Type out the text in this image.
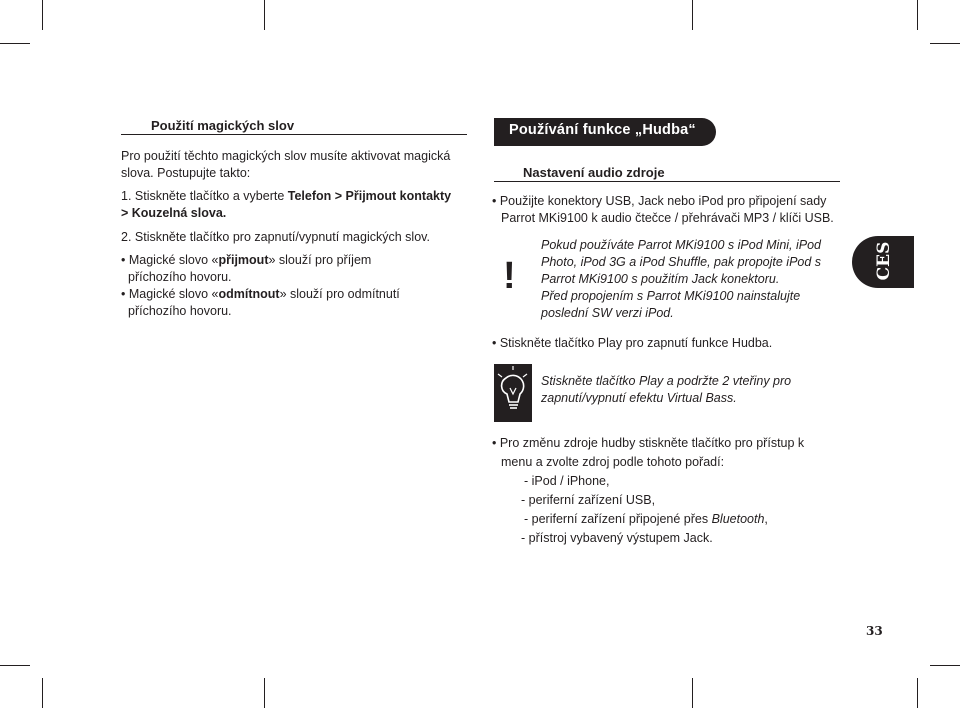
Použití magických slov
Pro použití těchto magických slov musíte aktivovat magická
slova. Postupujte takto:
1. Stiskněte tlačítko a vyberte Telefon > Přijmout kontakty
> Kouzelná slova.
2. Stiskněte tlačítko pro zapnutí/vypnutí magických slov.
• Magické slovo «přijmout» slouží pro příjem
příchozího hovoru.
• Magické slovo «odmítnout» slouží pro odmítnutí
příchozího hovoru.
Používání funkce „Hudba“
Nastavení audio zdroje
• Použijte konektory USB, Jack nebo iPod pro připojení sady
Parrot MKi9100 k audio čtečce / přehrávači MP3 / klíči USB.
!
Pokud používáte Parrot MKi9100 s iPod Mini, iPod
Photo, iPod 3G a iPod Shuffle, pak propojte iPod s
Parrot MKi9100 s použitím Jack konektoru.
Před propojením s Parrot MKi9100 nainstalujte
poslední SW verzi iPod.
• Stiskněte tlačítko Play pro zapnutí funkce Hudba.
Stiskněte tlačítko Play a podržte 2 vteřiny pro
zapnutí/vypnutí efektu Virtual Bass.
• Pro změnu zdroje hudby stiskněte tlačítko pro přístup k
menu a zvolte zdroj podle tohoto pořadí:
- iPod / iPhone,
- periferní zařízení USB,
- periferní zařízení připojené přes Bluetooth,
- přístroj vybavený výstupem Jack.
CES
33
